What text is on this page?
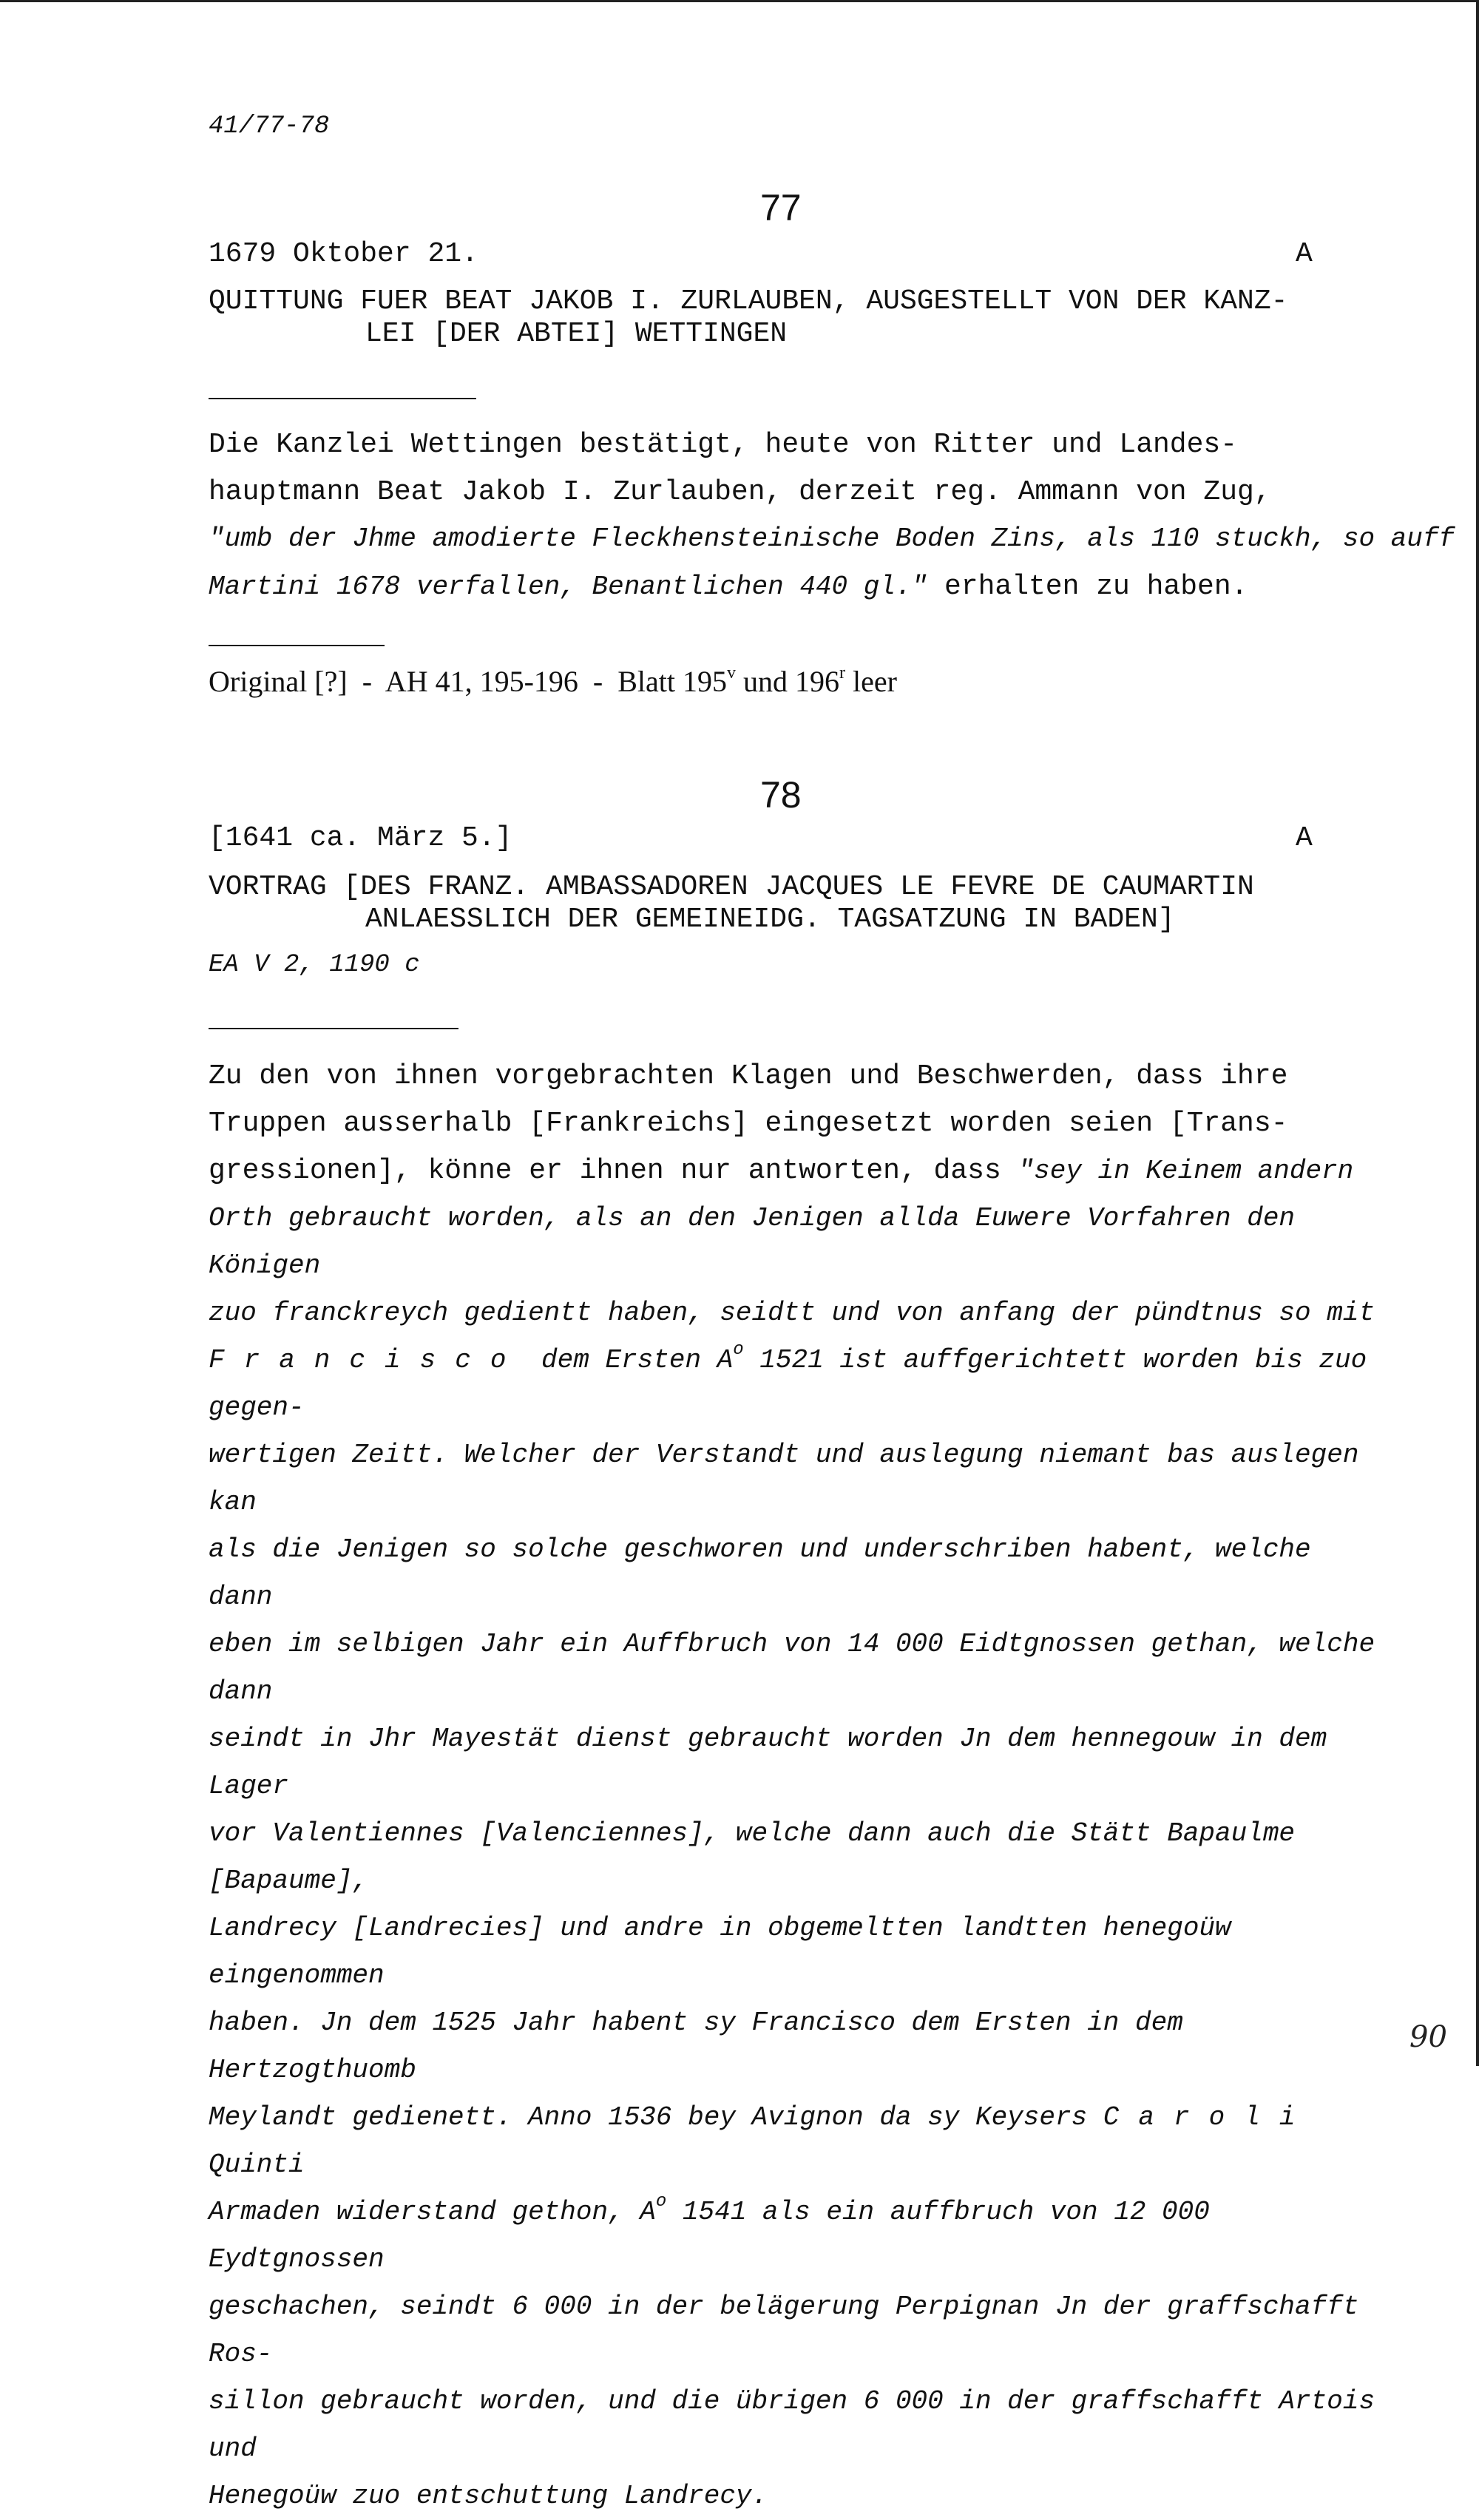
41/77-78
77
1679 Oktober 21.	A
QUITTUNG FUER BEAT JAKOB I. ZURLAUBEN, AUSGESTELLT VON DER KANZ-
LEI [DER ABTEI] WETTINGEN
Die Kanzlei Wettingen bestätigt, heute von Ritter und Landes-
hauptmann Beat Jakob I. Zurlauben, derzeit reg. Ammann von Zug,
"umb der Jhme amodierte Fleckhensteinische Boden Zins, als 110 stuckh, so auff
Martini 1678 verfallen, Benantlichen 440 gl." erhalten zu haben.
Original [?]  -  AH 41, 195-196  -  Blatt 195$^v$ und 196$^r$ leer
78
[1641 ca. März 5.]	A
VORTRAG [DES FRANZ. AMBASSADOREN JACQUES LE FEVRE DE CAUMARTIN
ANLAESSLICH DER GEMEINEIDG. TAGSATZUNG IN BADEN]
EA V 2, 1190 c

Zu den von ihnen vorgebrachten Klagen und Beschwerden, dass ihre

Truppen ausserhalb [Frankreichs] eingesetzt worden seien [Trans-

gressionen], könne er ihnen nur antworten, dass "sey in Keinem andern

Orth gebraucht worden, als an den Jenigen allda Euwere Vorfahren den Königen

zuo franckreych gedientt haben, seidtt und von anfang der pündtnus so mit

Francisco dem Ersten $A^o$ 1521 ist auffgerichtett worden bis zuo gegen-

wertigen Zeitt. Welcher der Verstandt und auslegung niemant bas auslegen kan

als die Jenigen so solche geschworen und underschriben habent, welche dann

eben im selbigen Jahr ein Auffbruch von 14 000 Eidtgnossen gethan, welche dann

seindt in Jhr Mayestät dienst gebraucht worden Jn dem hennegouw in dem Lager

vor Valentiennes [Valenciennes], welche dann auch die Stätt Bapaulme [Bapaume],

Landrecy [Landrecies] und andre in obgemeltten landtten henegoüw eingenommen

haben. Jn dem 1525 Jahr habent sy Francisco dem Ersten in dem Hertzogthuomb

Meylandt gedienett. Anno 1536 bey Avignon da sy Keysers Caroli Quinti

Armaden widerstand gethon, $A^o$ 1541 als ein auffbruch von 12 000 Eydtgnossen

geschachen, seindt 6 000 in der belägerung Perpignan Jn der graffschafft Ros-

sillon gebraucht worden, und die übrigen 6 000 in der graffschafft Artois und

Henegoüw zuo entschuttung Landrecy.

90
